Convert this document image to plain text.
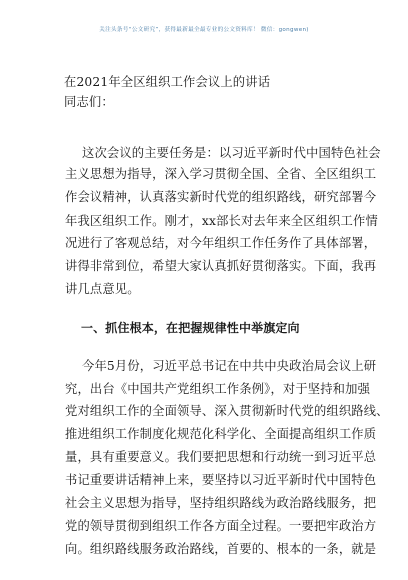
关注头条号“公文研究”，获得最新最全最专业的公文资料库！ 微信：gongwen)
在2021年全区组织工作会议上的讲话
同志们：
这次会议的主要任务是：以习近平新时代中国特色社会
主义思想为指导，深入学习贯彻全国、全省、全区组织工
作会议精神，认真落实新时代党的组织路线，研究部署今
年我区组织工作。刚才，xx部长对去年来全区组织工作情
况进行了客观总结，对今年组织工作任务作了具体部署，
讲得非常到位，希望大家认真抓好贯彻落实。下面，我再
讲几点意见。
一、抓住根本，在把握规律性中举旗定向
今年5月份，习近平总书记在中共中央政治局会议上研
究，出台《中国共产党组织工作条例》，对于坚持和加强
党对组织工作的全面领导、深入贯彻新时代党的组织路线、
推进组织工作制度化规范化科学化、全面提高组织工作质
量，具有重要意义。我们要把思想和行动统一到习近平总
书记重要讲话精神上来，要坚持以习近平新时代中国特色
社会主义思想为指导，坚持组织路线为政治路线服务，把
党的领导贯彻到组织工作各方面全过程。一要把牢政治方
向。组织路线服务政治路线，首要的、根本的一条，就是
